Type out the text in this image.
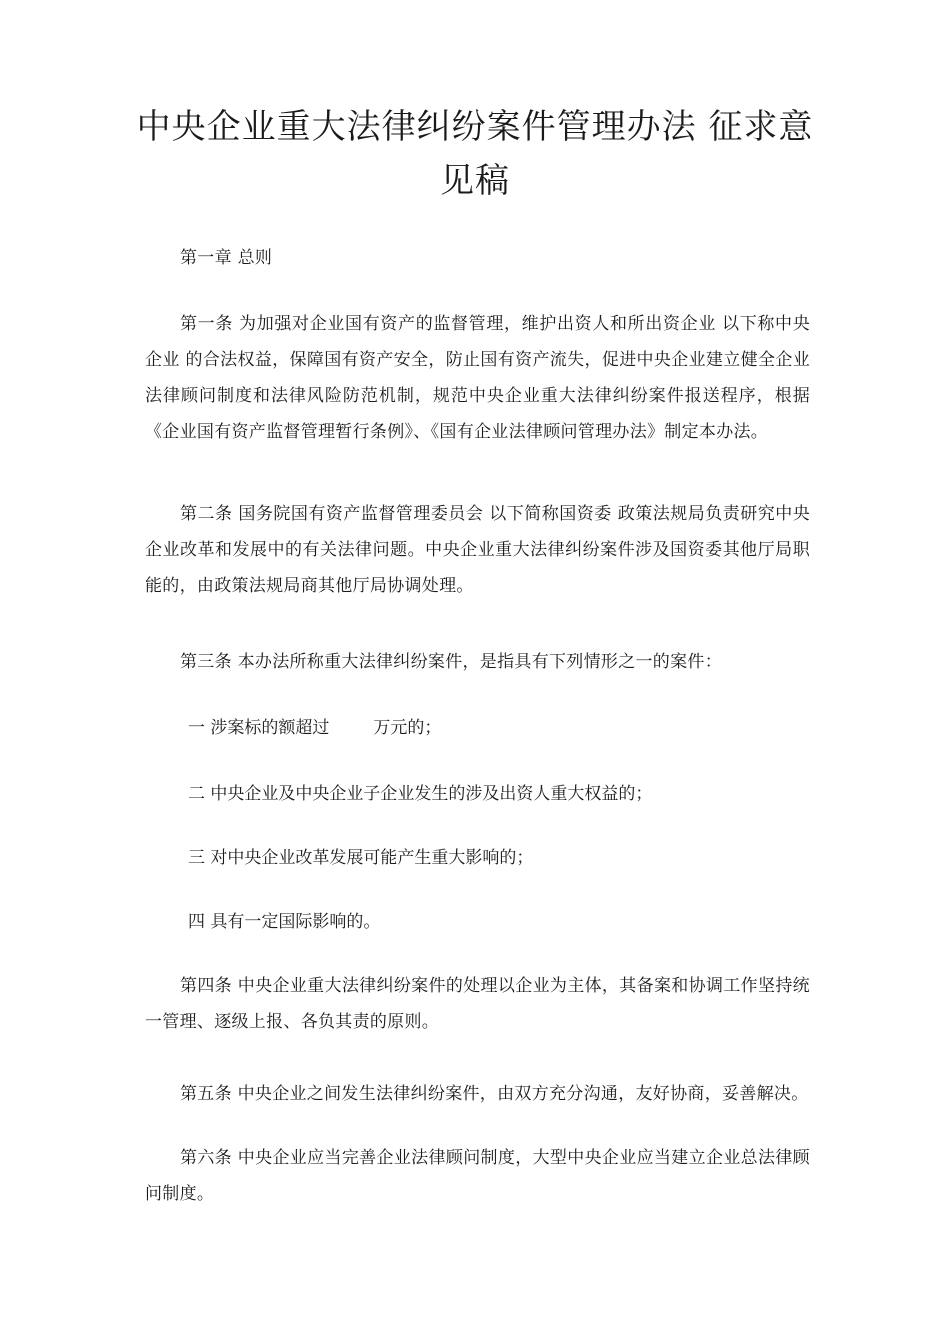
中央企业重大法律纠纷案件管理办法 征求意见稿

第一章 总则

第一条 为加强对企业国有资产的监督管理，维护出资人和所出资企业 以下称中央企业 的合法权益，保障国有资产安全，防止国有资产流失，促进中央企业建立健全企业法律顾问制度和法律风险防范机制，规范中央企业重大法律纠纷案件报送程序，根据《企业国有资产监督管理暂行条例》、《国有企业法律顾问管理办法》制定本办法。

第二条 国务院国有资产监督管理委员会 以下简称国资委 政策法规局负责研究中央企业改革和发展中的有关法律问题。中央企业重大法律纠纷案件涉及国资委其他厅局职能的，由政策法规局商其他厅局协调处理。

第三条 本办法所称重大法律纠纷案件，是指具有下列情形之一的案件：

一 涉案标的额超过	万元的；

二 中央企业及中央企业子企业发生的涉及出资人重大权益的；

三 对中央企业改革发展可能产生重大影响的；

四 具有一定国际影响的。

第四条 中央企业重大法律纠纷案件的处理以企业为主体，其备案和协调工作坚持统一管理、逐级上报、各负其责的原则。

第五条 中央企业之间发生法律纠纷案件，由双方充分沟通，友好协商，妥善解决。

第六条 中央企业应当完善企业法律顾问制度，大型中央企业应当建立企业总法律顾问制度。
